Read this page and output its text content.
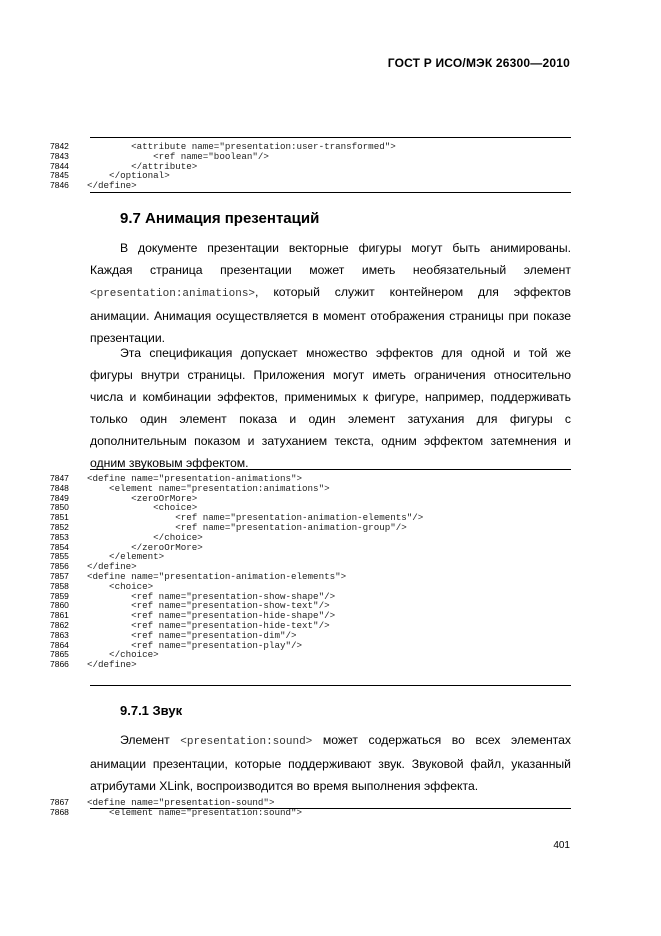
ГОСТ Р ИСО/МЭК 26300—2010
7842	<attribute name="presentation:user-transformed">
7843	<ref name="boolean"/>
7844	</attribute>
7845	</optional>
7846	</define>
9.7 Анимация презентаций

В документе презентации векторные фигуры могут быть анимированы. Каждая страница презентации может иметь необязательный элемент <presentation:animations>, который служит контейнером для эффектов анимации. Анимация осуществляется в момент отображения страницы при показе презентации.

Эта спецификация допускает множество эффектов для одной и той же фигуры внутри страницы. Приложения могут иметь ограничения относительно числа и комбинации эффектов, применимых к фигуре, например, поддерживать только один элемент показа и один элемент затухания для фигуры с дополнительным показом и затуханием текста, одним эффектом затемнения и одним звуковым эффектом.

7847	<define name="presentation-animations">
7848	<element name="presentation:animations">
7849	<zeroOrMore>
7850	<choice>
7851	<ref name="presentation-animation-elements"/>
7852	<ref name="presentation-animation-group"/>
7853	</choice>
7854	</zeroOrMore>
7855	</element>
7856	</define>
7857	<define name="presentation-animation-elements">
7858	<choice>
7859	<ref name="presentation-show-shape"/>
7860	<ref name="presentation-show-text"/>
7861	<ref name="presentation-hide-shape"/>
7862	<ref name="presentation-hide-text"/>
7863	<ref name="presentation-dim"/>
7864	<ref name="presentation-play"/>
7865	</choice>
7866	</define>
9.7.1 Звук

Элемент <presentation:sound> может содержаться во всех элементах анимации презентации, которые поддерживают звук. Звуковой файл, указанный атрибутами XLink, воспроизводится во время выполнения эффекта.

7867	<define name="presentation-sound">
7868	<element name="presentation:sound">
401
